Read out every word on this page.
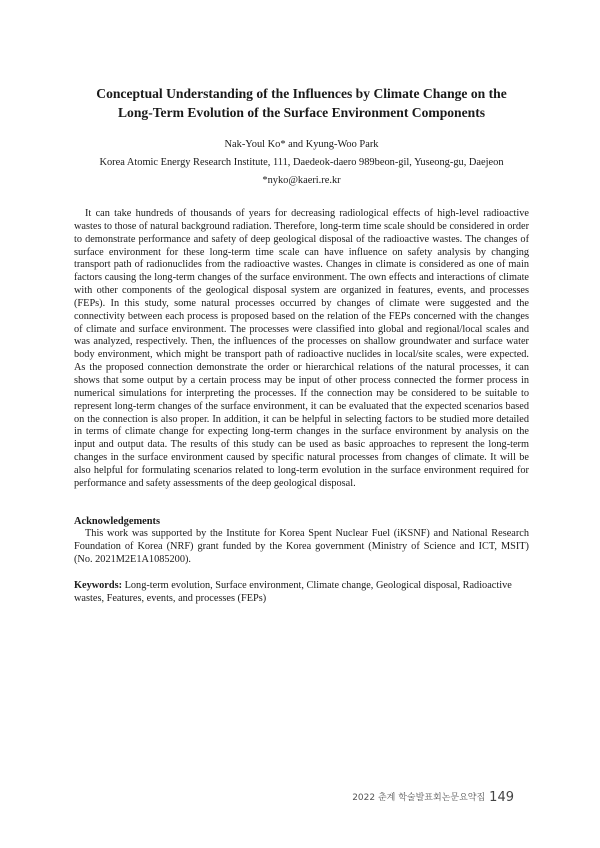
Conceptual Understanding of the Influences by Climate Change on the
Long-Term Evolution of the Surface Environment Components
Nak-Youl Ko* and Kyung-Woo Park
Korea Atomic Energy Research Institute, 111, Daedeok-daero 989beon-gil, Yuseong-gu, Daejeon
*nyko@kaeri.re.kr

It can take hundreds of thousands of years for decreasing radiological effects of high-level radioactive wastes to those of natural background radiation. Therefore, long-term time scale should be considered in order to demonstrate performance and safety of deep geological disposal of the radioactive wastes. The changes of surface environment for these long-term time scale can have influence on safety analysis by changing transport path of radionuclides from the radioactive wastes. Changes in climate is considered as one of main factors causing the long-term changes of the surface environment. The own effects and interactions of climate with other components of the geological disposal system are organized in features, events, and processes (FEPs). In this study, some natural processes occurred by changes of climate were suggested and the connectivity between each process is proposed based on the relation of the FEPs concerned with the changes of climate and surface environment. The processes were classified into global and regional/local scales and was analyzed, respectively. Then, the influences of the processes on shallow groundwater and surface water body environment, which might be transport path of radioactive nuclides in local/site scales, were expected. As the proposed connection demonstrate the order or hierarchical relations of the natural processes, it can shows that some output by a certain process may be input of other process connected the former process in numerical simulations for interpreting the processes. If the connection may be considered to be suitable to represent long-term changes of the surface environment, it can be evaluated that the expected scenarios based on the connection is also proper. In addition, it can be helpful in selecting factors to be studied more detailed in terms of climate change for expecting long-term changes in the surface environment by analysis on the input and output data. The results of this study can be used as basic approaches to represent the long-term changes in the surface environment caused by specific natural processes from changes of climate. It will be also helpful for formulating scenarios related to long-term evolution in the surface environment required for performance and safety assessments of the deep geological disposal.

Acknowledgements

This work was supported by the Institute for Korea Spent Nuclear Fuel (iKSNF) and National Research Foundation of Korea (NRF) grant funded by the Korea government (Ministry of Science and ICT, MSIT) (No. 2021M2E1A1085200).

Keywords: Long-term evolution, Surface environment, Climate change, Geological disposal, Radioactive wastes, Features, events, and processes (FEPs)

2022 춘계 학술발표회논문요약집 149
